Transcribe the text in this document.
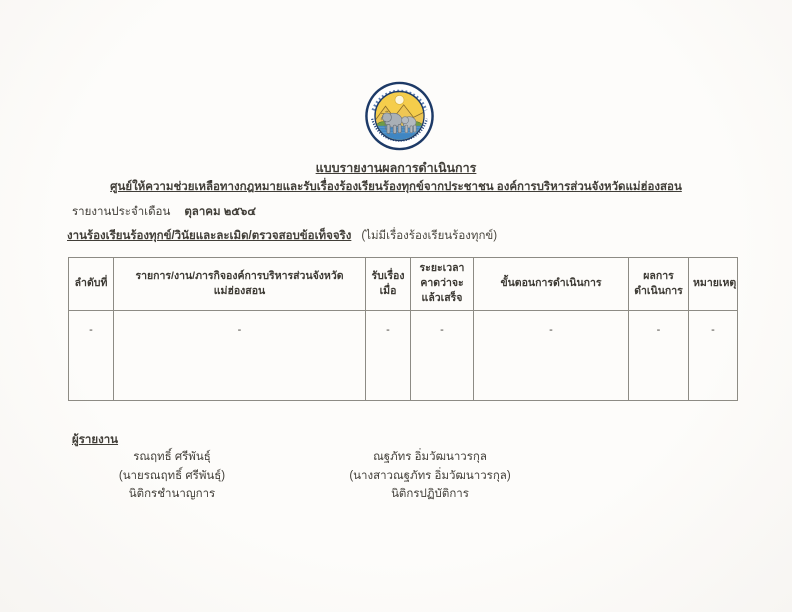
แบบรายงานผลการดำเนินการ
ศูนย์ให้ความช่วยเหลือทางกฎหมายและรับเรื่องร้องเรียนร้องทุกข์จากประชาชน องค์การบริหารส่วนจังหวัดแม่ฮ่องสอน
รายงานประจำเดือน ตุลาคม ๒๕๖๔
งานร้องเรียนร้องทุกข์/วินัยและละเมิด/ตรวจสอบข้อเท็จจริง (ไม่มีเรื่องร้องเรียนร้องทุกข์)
ลำดับที่	รายการ/งาน/ภารกิจองค์การบริหารส่วนจังหวัดแม่ฮ่องสอน	รับเรื่องเมื่อ	ระยะเวลาคาดว่าจะแล้วเสร็จ	ขั้นตอนการดำเนินการ	ผลการดำเนินการ	หมายเหตุ
-	-	-	-	-	-	-
ผู้รายงาน
รณฤทธิ์ ศรีพันธุ์
(นายรณฤทธิ์ ศรีพันธุ์)
นิติกรชำนาญการ
ณฐภัทร อิ่มวัฒนาวรกุล
(นางสาวณฐภัทร อิ่มวัฒนาวรกุล)
นิติกรปฏิบัติการ
